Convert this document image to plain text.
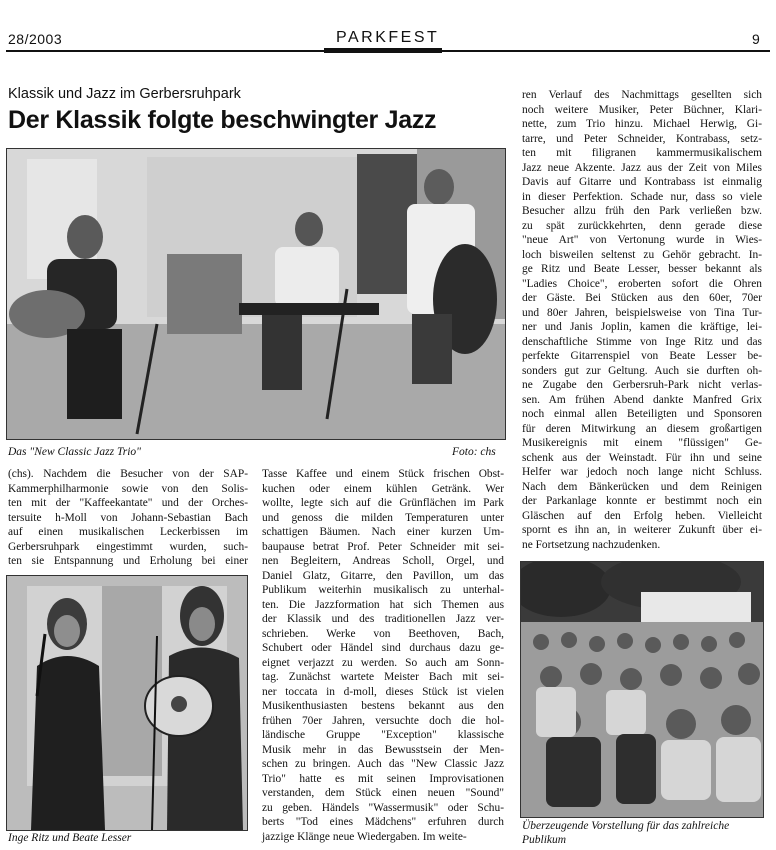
28/2003	PARKFEST	9
Klassik und Jazz im Gerbersruhpark
Der Klassik folgte beschwingter Jazz
Das "New Classic Jazz Trio"	Foto: chs
(chs). Nachdem die Besucher von der SAP-
Kammerphilharmonie sowie von den Solis-
ten mit der "Kaffeekantate" und der Orches-
tersuite h-Moll von Johann-Sebastian Bach
auf einen musikalischen Leckerbissen im
Gerbersruhpark eingestimmt wurden, such-
ten sie Entspannung und Erholung bei einer
Inge Ritz und Beate Lesser
Tasse Kaffee und einem Stück frischen Obst-
kuchen oder einem kühlen Getränk. Wer
wollte, legte sich auf die Grünflächen im Park
und genoss die milden Temperaturen unter
schattigen Bäumen. Nach einer kurzen Um-
baupause betrat Prof. Peter Schneider mit sei-
nen Begleitern, Andreas Scholl, Orgel, und
Daniel Glatz, Gitarre, den Pavillon, um das
Publikum weiterhin musikalisch zu unterhal-
ten. Die Jazzformation hat sich Themen aus
der Klassik und des traditionellen Jazz ver-
schrieben. Werke von Beethoven, Bach,
Schubert oder Händel sind durchaus dazu ge-
eignet verjazzt zu werden. So auch am Sonn-
tag. Zunächst wartete Meister Bach mit sei-
ner toccata in d-moll, dieses Stück ist vielen
Musikenthusiasten bestens bekannt aus den
frühen 70er Jahren, versuchte doch die hol-
ländische Gruppe "Exception" klassische
Musik mehr in das Bewusstsein der Men-
schen zu bringen. Auch das "New Classic Jazz
Trio" hatte es mit seinen Improvisationen
verstanden, dem Stück einen neuen "Sound"
zu geben. Händels "Wassermusik" oder Schu-
berts "Tod eines Mädchens" erfuhren durch
jazzige Klänge neue Wiedergaben. Im weite-
ren Verlauf des Nachmittags gesellten sich
noch weitere Musiker, Peter Büchner, Klari-
nette, zum Trio hinzu. Michael Herwig, Gi-
tarre, und Peter Schneider, Kontrabass, setz-
ten mit filigranen kammermusikalischem
Jazz neue Akzente. Jazz aus der Zeit von Miles
Davis auf Gitarre und Kontrabass ist einmalig
in dieser Perfektion. Schade nur, dass so viele
Besucher allzu früh den Park verließen bzw.
zu spät zurückkehrten, denn gerade diese
"neue Art" von Vertonung wurde in Wies-
loch bisweilen seltenst zu Gehör gebracht. In-
ge Ritz und Beate Lesser, besser bekannt als
"Ladies Choice", eroberten sofort die Ohren
der Gäste. Bei Stücken aus den 60er, 70er
und 80er Jahren, beispielsweise von Tina Tur-
ner und Janis Joplin, kamen die kräftige, lei-
denschaftliche Stimme von Inge Ritz und das
perfekte Gitarrenspiel von Beate Lesser be-
sonders gut zur Geltung. Auch sie durften oh-
ne Zugabe den Gerbersruh-Park nicht verlas-
sen. Am frühen Abend dankte Manfred Grix
noch einmal allen Beteiligten und Sponsoren
für deren Mitwirkung an diesem großartigen
Musikereignis mit einem "flüssigen" Ge-
schenk aus der Weinstadt. Für ihn und seine
Helfer war jedoch noch lange nicht Schluss.
Nach dem Bänkerücken und dem Reinigen
der Parkanlage konnte er bestimmt noch ein
Gläschen auf den Erfolg heben. Vielleicht
spornt es ihn an, in weiterer Zukunft über ei-
ne Fortsetzung nachzudenken.
Überzeugende Vorstellung für das zahlreiche
Publikum
